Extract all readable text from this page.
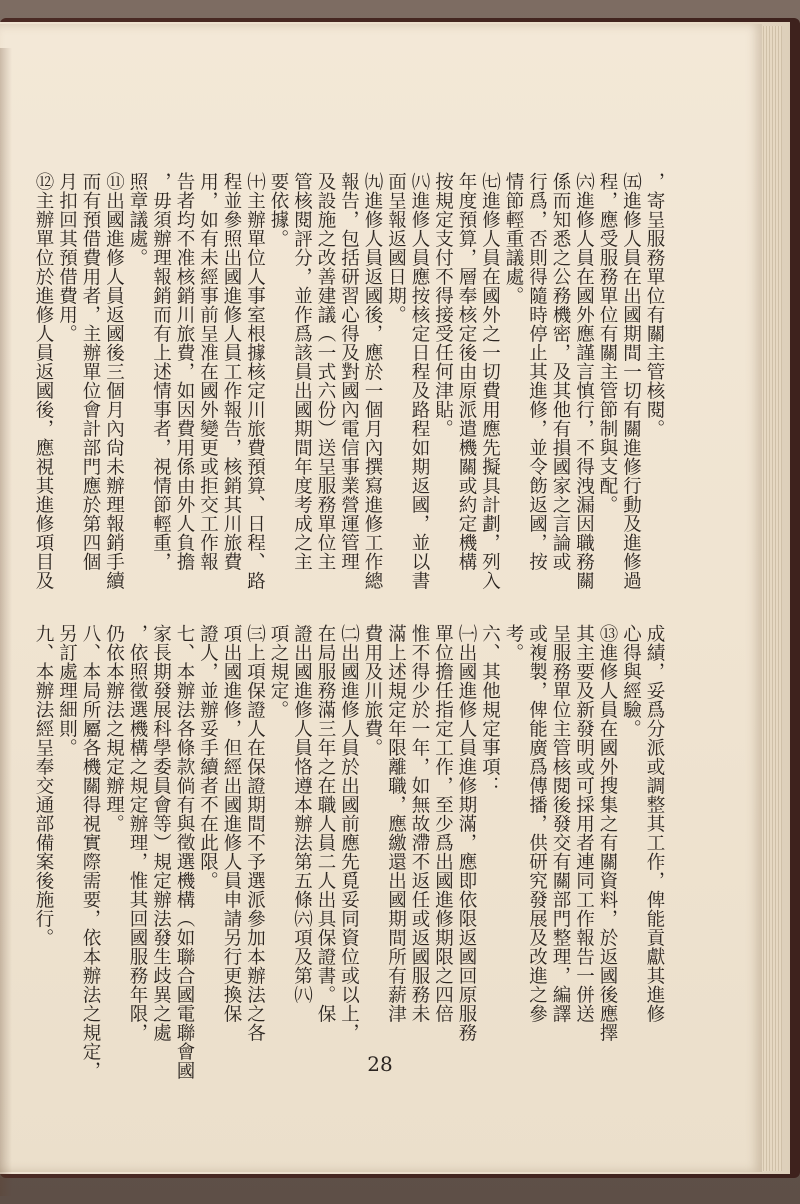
，寄呈服務單位有關主管核閱。

㈤進修人員在出國期間一切有關進修行動及進修過

程，應受服務單位有關主管節制與支配。

㈥進修人員在國外應謹言慎行，不得洩漏因職務關

係而知悉之公務機密，及其他有損國家之言論或

行爲，否則得隨時停止其進修，並令飭返國，按

情節輕重議處。

㈦進修人員在國外之一切費用應先擬具計劃，列入

年度預算，層奉核定後由原派遣機關或約定機構

按規定支付不得接受任何津貼。

㈧進修人員應按核定日程及路程如期返國，並以書

面呈報返國日期。

㈨進修人員返國後，應於一個月內撰寫進修工作總

報告，包括研習心得及對國內電信事業營運管理

及設施之改善建議（一式六份）送呈服務單位主

管核閱評分，並作爲該員出國期間年度考成之主

要依據。

㈩主辦單位人事室根據核定川旅費預算、日程、路

程並參照出國進修人員工作報告，核銷其川旅費

用，如有未經事前呈准在國外變更或拒交工作報

告者均不准核銷川旅費，如因費用係由外人負擔

，毋須辦理報銷而有上述情事者，視情節輕重，

照章議處。

⑪出國進修人員返國後三個月內尙未辦理報銷手續

而有預借費用者，主辦單位會計部門應於第四個

月扣回其預借費用。

⑫主辦單位於進修人員返國後，應視其進修項目及

成績，妥爲分派或調整其工作，俾能貢獻其進修

心得與經驗。

⑬進修人員在國外搜集之有關資料，於返國後應擇

其主要及新發明或可採用者連同工作報告一併送

呈服務單位主管核閱後發交有關部門整理，編譯

或複製，俾能廣爲傳播，供研究發展及改進之參

考。

六、其他規定事項：

㈠出國進修人員進修期滿，應即依限返國回原服務

單位擔任指定工作，至少爲出國進修期限之四倍

惟不得少於一年，如無故滯不返任或返國服務未

滿上述規定年限離職，應繳還出國期間所有薪津

費用及川旅費。

㈡出國進修人員於出國前應先覓妥同資位或以上，

在局服務滿三年之在職人員二人出具保證書。保

證出國進修人員恪遵本辦法第五條㈥項及第㈧

項之規定。

㈢上項保證人在保證期間不予選派參加本辦法之各

項出國進修，但經出國進修人員申請另行更換保

證人，並辦妥手續者不在此限。

七、本辦法各條款倘有與徵選機構（如聯合國電聯會國

家長期發展科學委員會等）規定辦法發生歧異之處

，依照徵選機構之規定辦理，惟其回國服務年限，

仍依本辦法之規定辦理。

八、本局所屬各機關得視實際需要，依本辦法之規定，

另訂處理細則。

九、本辦法經呈奉交通部備案後施行。

28
